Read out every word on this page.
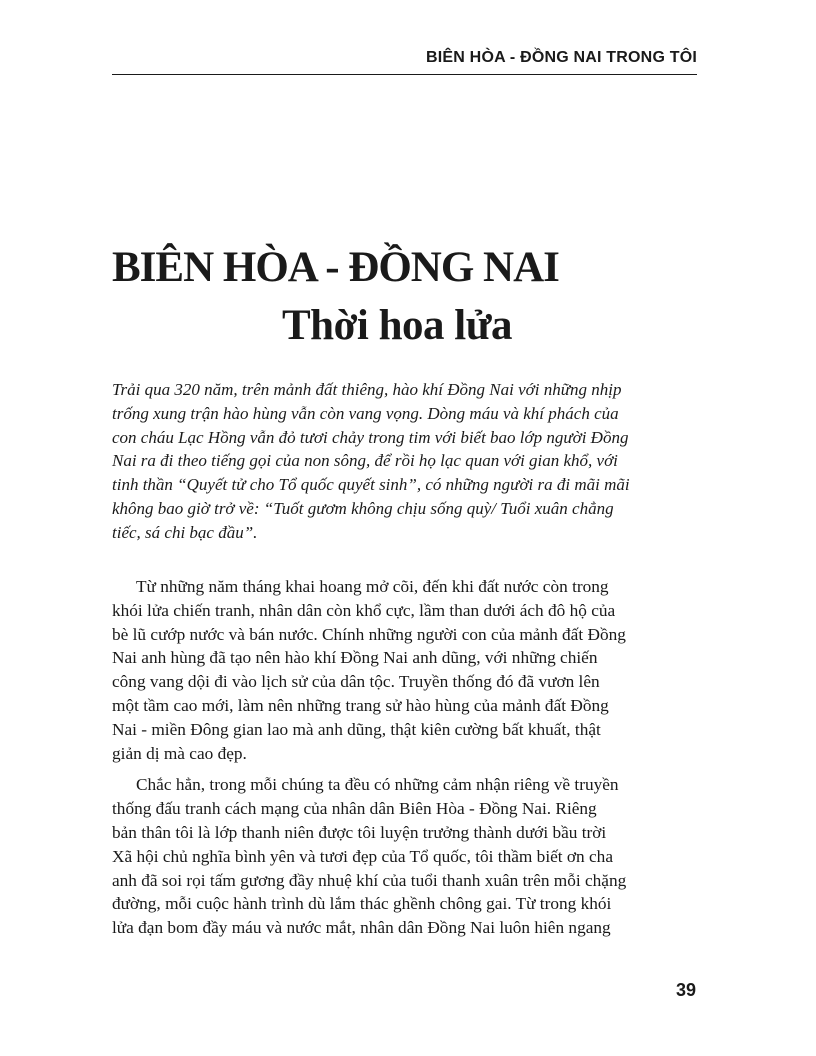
BIÊN HÒA - ĐỒNG NAI TRONG TÔI
BIÊN HÒA - ĐỒNG NAI
Thời hoa lửa
Trải qua 320 năm, trên mảnh đất thiêng, hào khí Đồng Nai với những nhịp
trống xung trận hào hùng vẫn còn vang vọng. Dòng máu và khí phách của
con cháu Lạc Hồng vẫn đỏ tươi chảy trong tim với biết bao lớp người Đồng
Nai ra đi theo tiếng gọi của non sông, để rồi họ lạc quan với gian khổ, với
tinh thần “Quyết tử cho Tổ quốc quyết sinh”, có những người ra đi mãi mãi
không bao giờ trở về: “Tuốt gươm không chịu sống quỳ/ Tuổi xuân chẳng
tiếc, sá chi bạc đầu”.
Từ những năm tháng khai hoang mở cõi, đến khi đất nước còn trong
khói lửa chiến tranh, nhân dân còn khổ cực, lầm than dưới ách đô hộ của
bè lũ cướp nước và bán nước. Chính những người con của mảnh đất Đồng
Nai anh hùng đã tạo nên hào khí Đồng Nai anh dũng, với những chiến
công vang dội đi vào lịch sử của dân tộc. Truyền thống đó đã vươn lên
một tầm cao mới, làm nên những trang sử hào hùng của mảnh đất Đồng
Nai - miền Đông gian lao mà anh dũng, thật kiên cường bất khuất, thật
giản dị mà cao đẹp.
Chắc hẳn, trong mỗi chúng ta đều có những cảm nhận riêng về truyền
thống đấu tranh cách mạng của nhân dân Biên Hòa - Đồng Nai. Riêng
bản thân tôi là lớp thanh niên được tôi luyện trưởng thành dưới bầu trời
Xã hội chủ nghĩa bình yên và tươi đẹp của Tổ quốc, tôi thầm biết ơn cha
anh đã soi rọi tấm gương đầy nhuệ khí của tuổi thanh xuân trên mỗi chặng
đường, mỗi cuộc hành trình dù lắm thác ghềnh chông gai. Từ trong khói
lửa đạn bom đầy máu và nước mắt, nhân dân Đồng Nai luôn hiên ngang
39
